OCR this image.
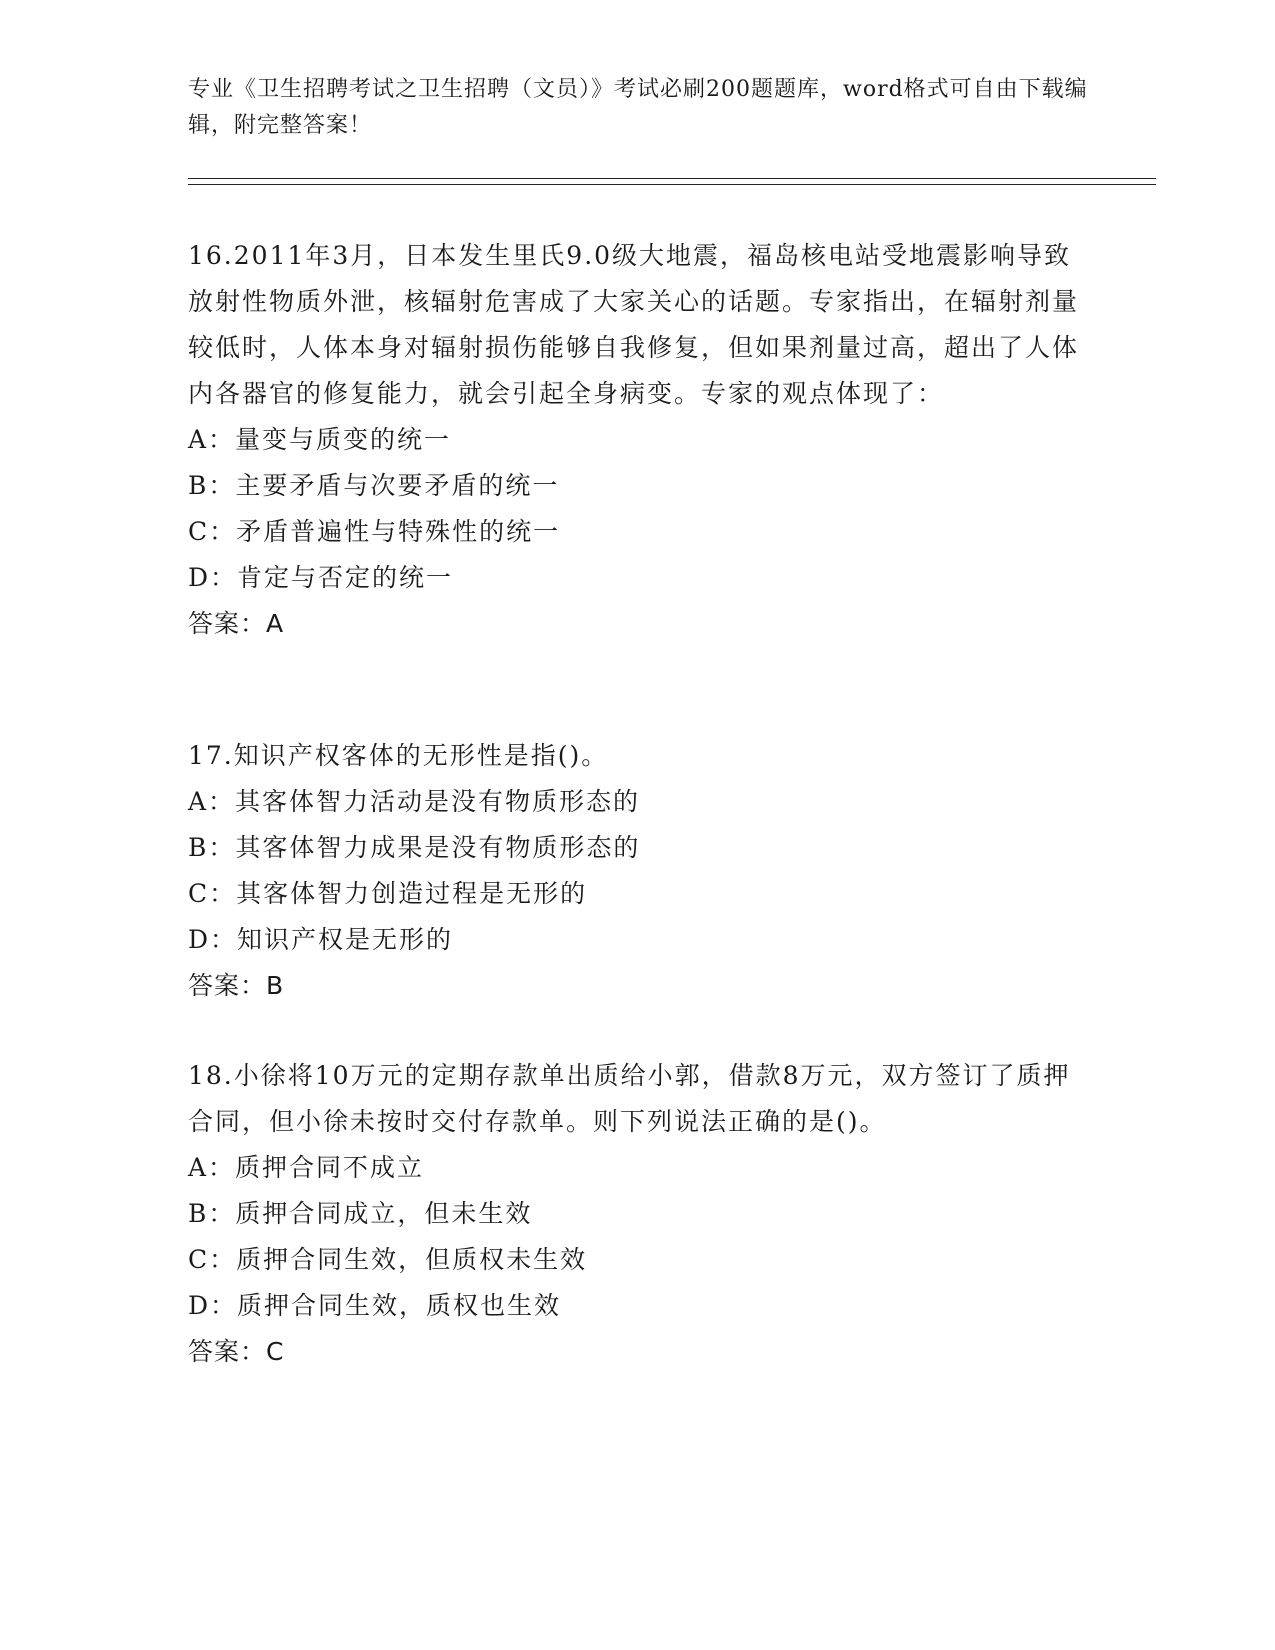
专业《卫生招聘考试之卫生招聘（文员）》考试必刷200题题库，word格式可自由下载编辑，附完整答案！

16.2011年3月，日本发生里氏9.0级大地震，福岛核电站受地震影响导致放射性物质外泄，核辐射危害成了大家关心的话题。专家指出，在辐射剂量较低时，人体本身对辐射损伤能够自我修复，但如果剂量过高，超出了人体内各器官的修复能力，就会引起全身病变。专家的观点体现了：

A：量变与质变的统一

B：主要矛盾与次要矛盾的统一

C：矛盾普遍性与特殊性的统一

D：肯定与否定的统一

答案：A

17.知识产权客体的无形性是指()。

A：其客体智力活动是没有物质形态的

B：其客体智力成果是没有物质形态的

C：其客体智力创造过程是无形的

D：知识产权是无形的

答案：B

18.小徐将10万元的定期存款单出质给小郭，借款8万元，双方签订了质押合同，但小徐未按时交付存款单。则下列说法正确的是()。

A：质押合同不成立

B：质押合同成立，但未生效

C：质押合同生效，但质权未生效

D：质押合同生效，质权也生效

答案：C
